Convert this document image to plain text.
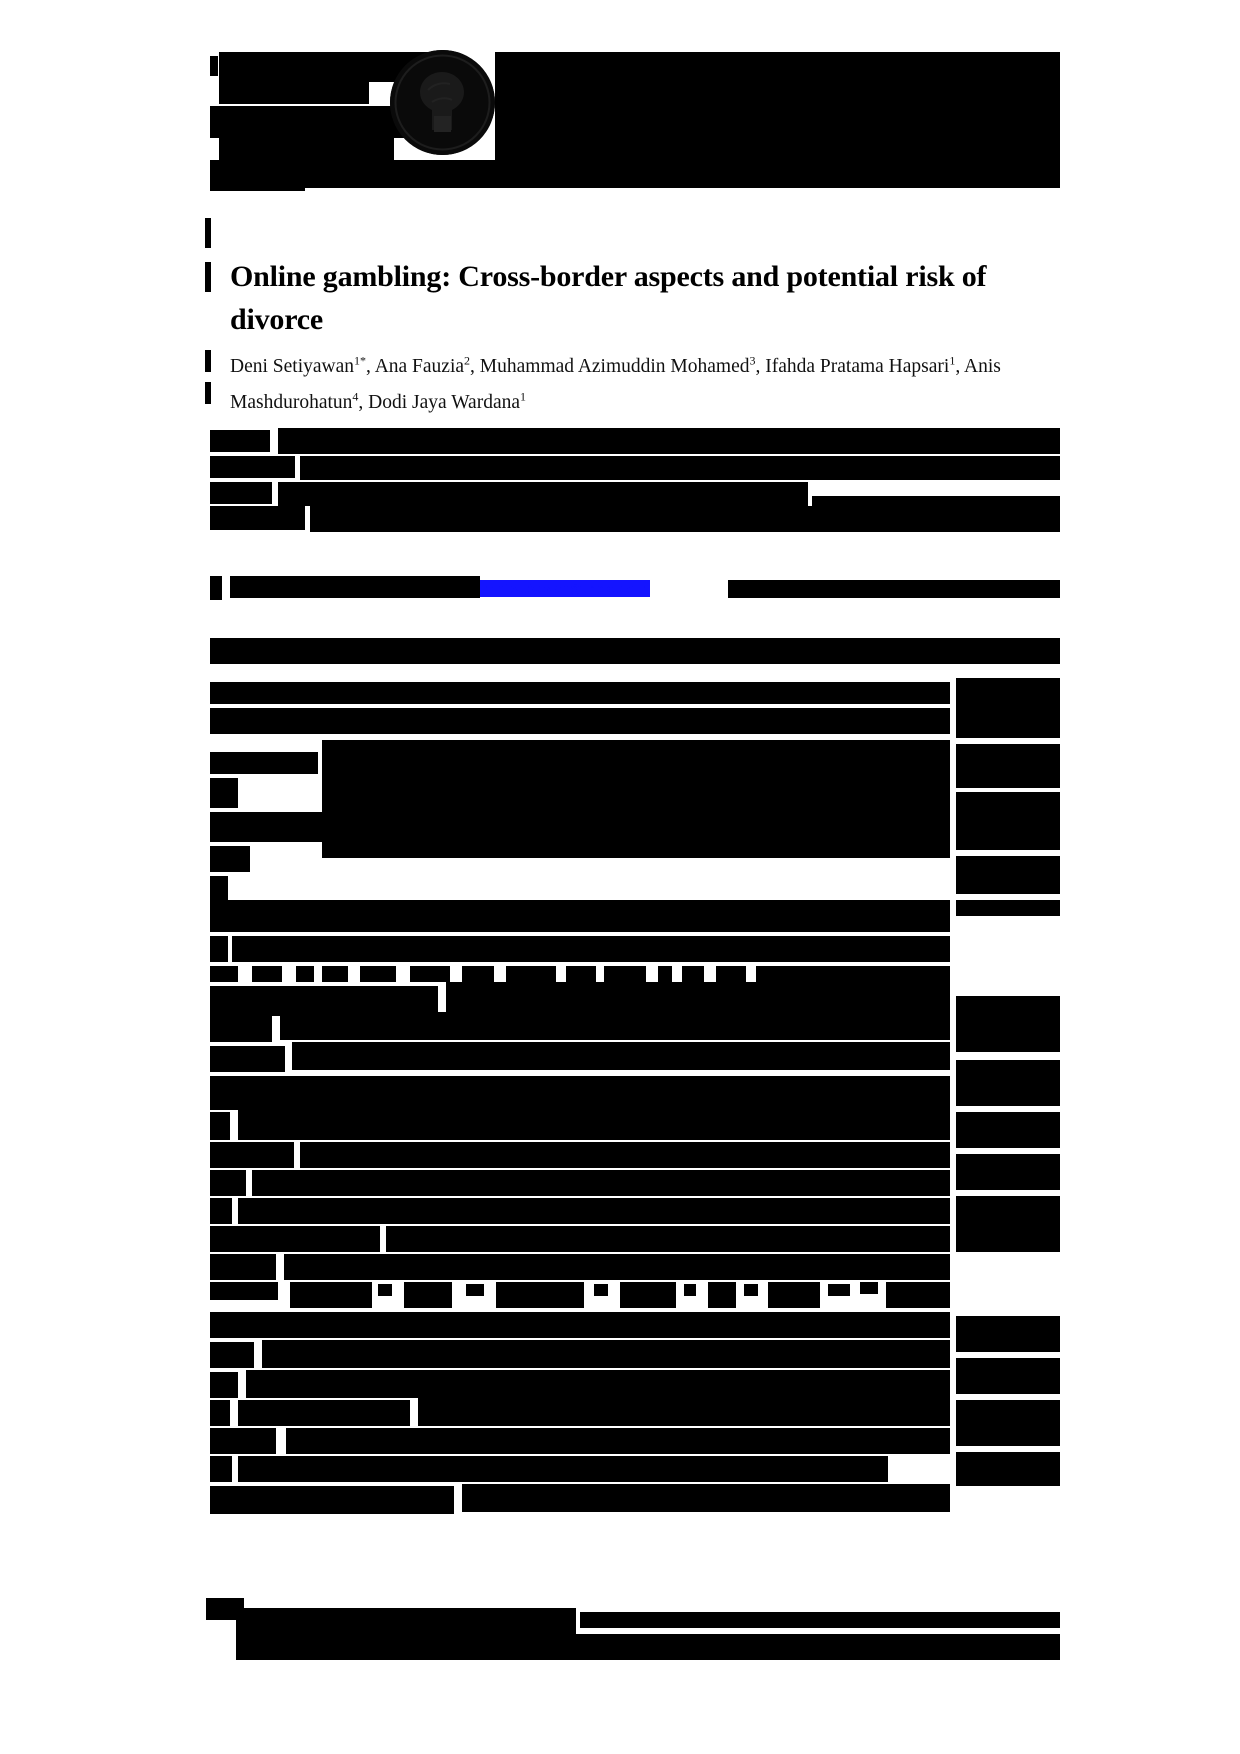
Online gambling: Cross-border aspects and potential risk of divorce
Deni Setiyawan$^{1*}$, Ana Fauzia$^2$, Muhammad Azimuddin Mohamed$^3$, Ifahda Pratama Hapsari$^1$, Anis Mashdurohatun$^4$, Dodi Jaya Wardana$^1$
deni.setiyawan@unesa.ac.id
